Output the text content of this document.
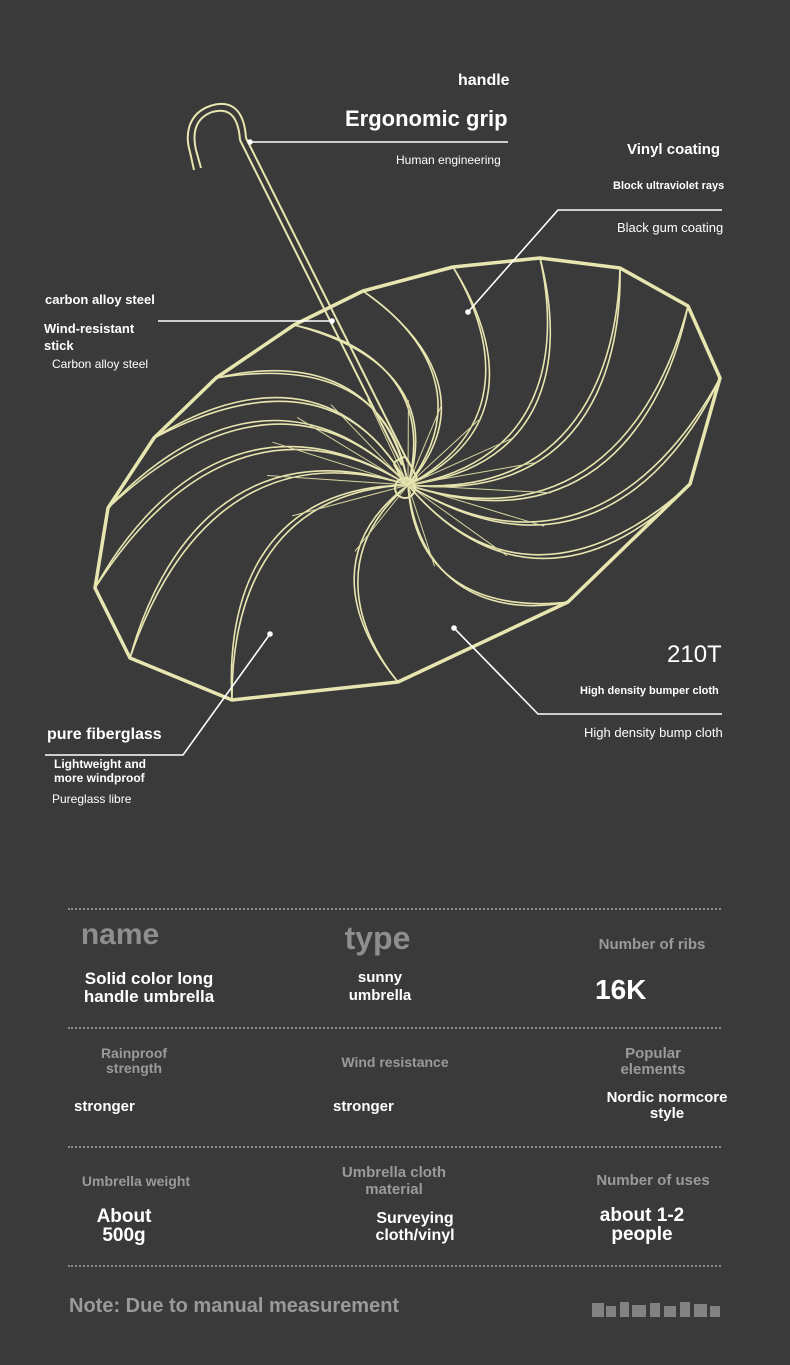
handle
Ergonomic grip
Human engineering
Vinyl coating
Block ultraviolet rays
Black gum coating
carbon alloy steel
Wind-resistant stick
Carbon alloy steel
pure fiberglass
Lightweight and more windproof
Pureglass libre
210T
High density bumper cloth
High density bump cloth
name
Solid color long handle umbrella
type
sunny umbrella
Number of ribs
16K
Rainproof strength
stronger
Wind resistance
stronger
Popular elements
Nordic normcore style
Umbrella weight
About 500g
Umbrella cloth material
Surveying cloth/vinyl
Number of uses
about 1-2 people
Note: Due to manual measurement
